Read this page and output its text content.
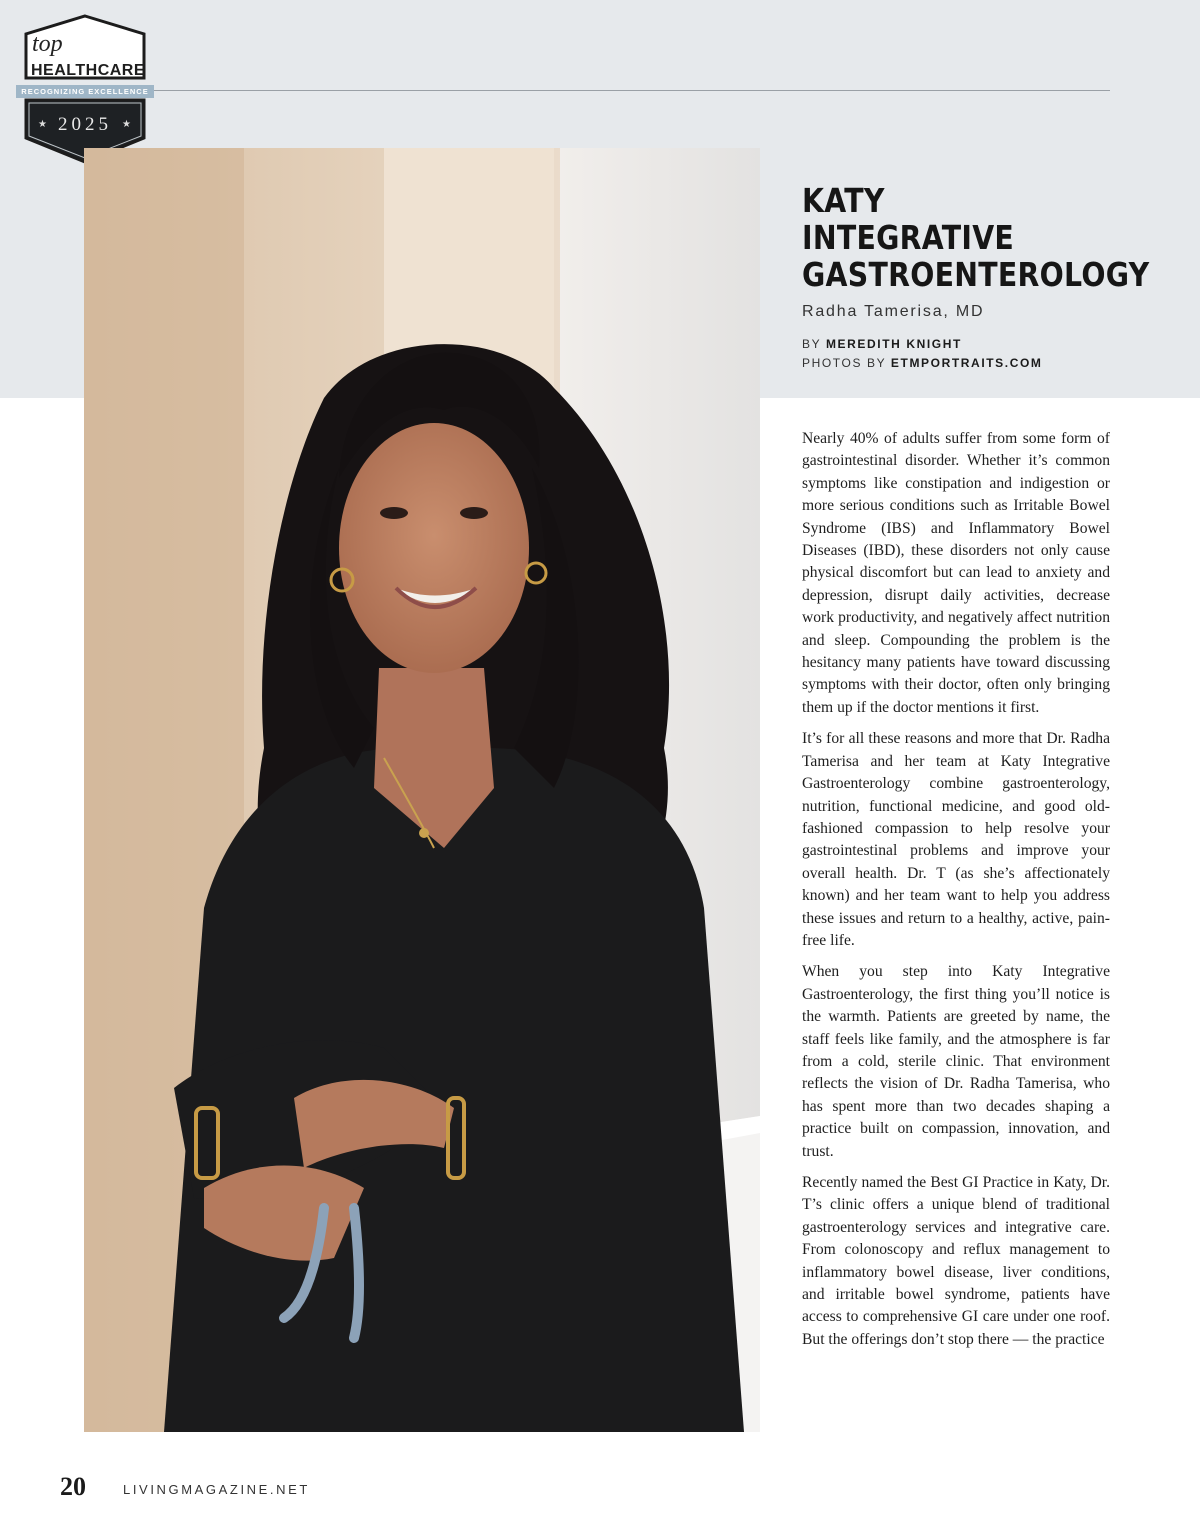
★	★
top
HEALTHCARE
RECOGNIZING EXCELLENCE
2025
KATY
INTEGRATIVE
GASTROENTEROLOGY
Radha Tamerisa, MD
BY MEREDITH KNIGHT
PHOTOS BY ETMPORTRAITS.COM

Nearly 40% of adults suffer from some form of gastrointestinal disorder. Whether it’s common symptoms like constipation and indigestion or more serious conditions such as Irritable Bowel Syndrome (IBS) and Inflammatory Bowel Diseases (IBD), these disorders not only cause physical discomfort but can lead to anxiety and depression, disrupt daily activities, decrease work productivity, and negatively affect nutrition and sleep. Compounding the problem is the hesitancy many patients have toward discussing symptoms with their doctor, often only bringing them up if the doctor mentions it first.

It’s for all these reasons and more that Dr. Radha Tamerisa and her team at Katy Integrative Gastroenterology combine gastroenterology, nutrition, functional medicine, and good old-fashioned compassion to help resolve your gastrointestinal problems and improve your overall health. Dr. T (as she’s affectionately known) and her team want to help you address these issues and return to a healthy, active, pain-free life.

When you step into Katy Integrative Gastroenterology, the first thing you’ll notice is the warmth. Patients are greeted by name, the staff feels like family, and the atmosphere is far from a cold, sterile clinic. That environment reflects the vision of Dr. Radha Tamerisa, who has spent more than two decades shaping a practice built on compassion, innovation, and trust.

Recently named the Best GI Practice in Katy, Dr. T’s clinic offers a unique blend of traditional gastroenterology services and integrative care. From colonoscopy and reflux management to inflammatory bowel disease, liver conditions, and irritable bowel syndrome, patients have access to comprehensive GI care under one roof. But the offerings don’t stop there — the practice

20	LIVINGMAGAZINE.NET
